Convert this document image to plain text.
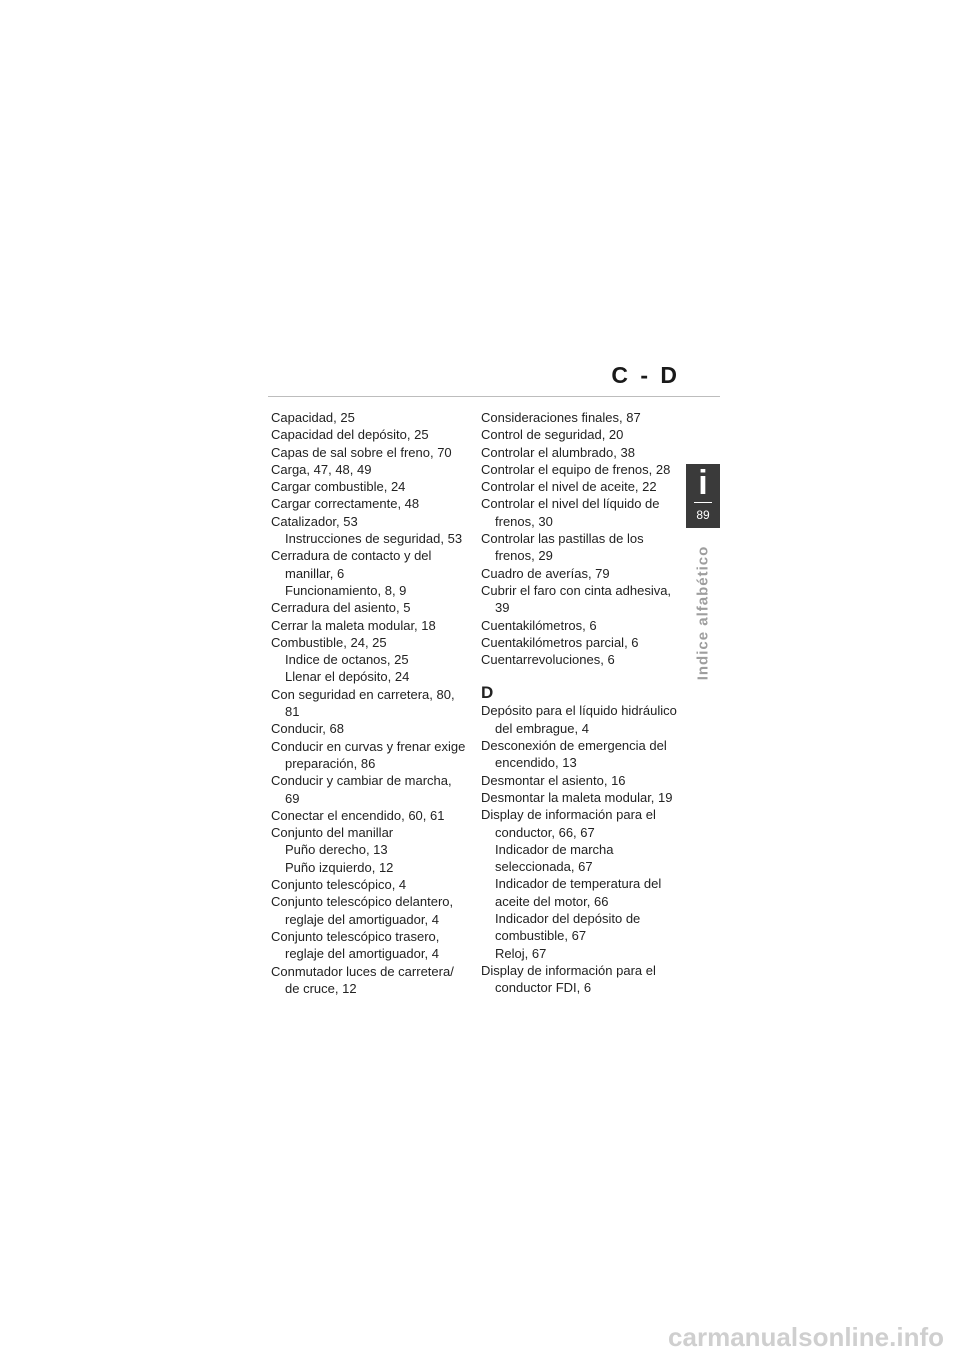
C - D
Capacidad, 25
Capacidad del depósito, 25
Capas de sal sobre el freno, 70
Carga, 47, 48, 49
Cargar combustible, 24
Cargar correctamente, 48
Catalizador, 53
Instrucciones de seguridad, 53
Cerradura de contacto y del
manillar, 6
Funcionamiento, 8, 9
Cerradura del asiento, 5
Cerrar la maleta modular, 18
Combustible, 24, 25
Indice de octanos, 25
Llenar el depósito, 24
Con seguridad en carretera, 80,
81
Conducir, 68
Conducir en curvas y frenar exige
preparación, 86
Conducir y cambiar de marcha,
69
Conectar el encendido, 60, 61
Conjunto del manillar
Puño derecho, 13
Puño izquierdo, 12
Conjunto telescópico, 4
Conjunto telescópico delantero,
reglaje del amortiguador, 4
Conjunto telescópico trasero,
reglaje del amortiguador, 4
Conmutador luces de carretera/
de cruce, 12
Consideraciones finales, 87
Control de seguridad, 20
Controlar el alumbrado, 38
Controlar el equipo de frenos, 28
Controlar el nivel de aceite, 22
Controlar el nivel del líquido de
frenos, 30
Controlar las pastillas de los
frenos, 29
Cuadro de averías, 79
Cubrir el faro con cinta adhesiva,
39
Cuentakilómetros, 6
Cuentakilómetros parcial, 6
Cuentarrevoluciones, 6
D
Depósito para el líquido hidráulico
del embrague, 4
Desconexión de emergencia del
encendido, 13
Desmontar el asiento, 16
Desmontar la maleta modular, 19
Display de información para el
conductor, 66, 67
Indicador de marcha
seleccionada, 67
Indicador de temperatura del
aceite del motor, 66
Indicador del depósito de
combustible, 67
Reloj, 67
Display de información para el
conductor FDI, 6
i
89
Indice alfabético
carmanualsonline.info
